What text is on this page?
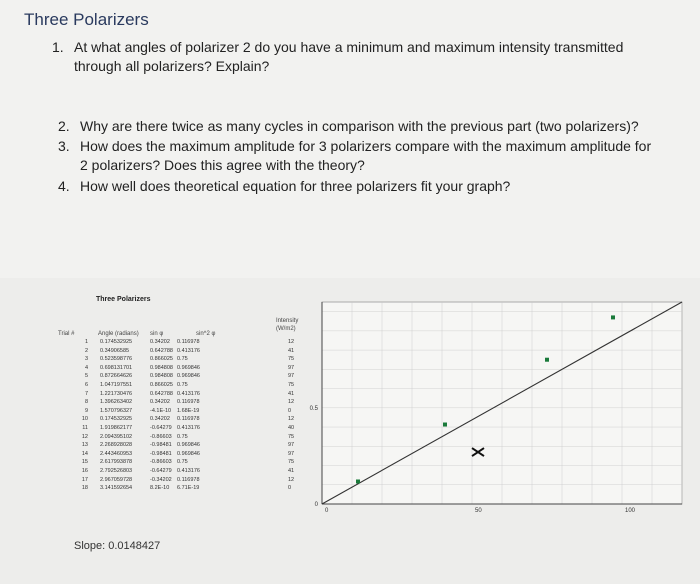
Three Polarizers
1. At what angles of polarizer 2 do you have a minimum and maximum intensity transmitted
through all polarizers? Explain?
2. Why are there twice as many cycles in comparison with the previous part (two polarizers)?
3. How does the maximum amplitude for 3 polarizers compare with the maximum amplitude for
2 polarizers? Does this agree with the theory?
4. How well does theoretical equation for three polarizers fit your graph?
Three Polarizers
Trial #	Angle (radians) sin φ	sin^2 φ
Intensity
(W/m2)
1 0.174532925	0.34202 0.116978	12
2 0.34906585	0.642788 0.413176	41
3 0.523598776	0.866025 0.75	75
4 0.698131701	0.984808 0.969846	97
5 0.872664626	0.984808 0.969846	97
6 1.047197551	0.866025 0.75	75
7 1.221730476	0.642788 0.413176	41
8 1.396263402	0.34202 0.116978	12
9 1.570796327	-4.1E-10 1.68E-19	0
10 0.174532925	0.34202 0.116978	12
11 1.919862177	-0.64279 0.413176	40
12 2.094395102	-0.86603 0.75	75
13 2.268928028	-0.98481 0.969846	97
14 2.443460953	-0.98481 0.969846	97
15 2.617993878	-0.86603 0.75	75
16 2.792526803	-0.64279 0.413176	41
17 2.967059728	-0.34202 0.116978	12
18 3.141592654	8.2E-10 6.71E-19	0
Slope: 0.0148427
0	50	100
0
0.5
